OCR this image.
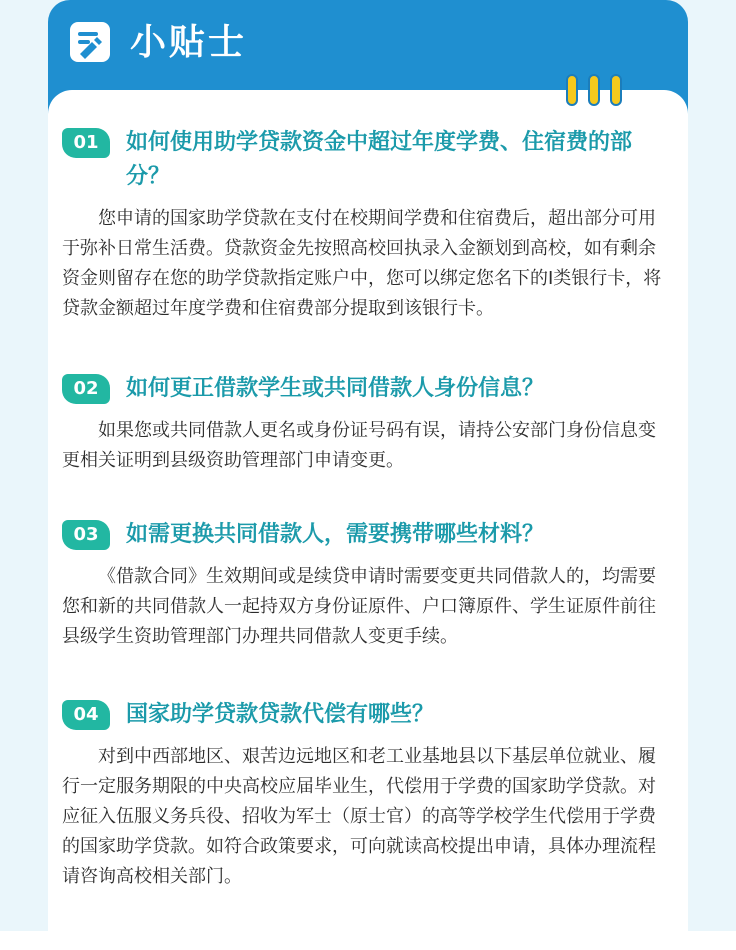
小贴士
01	如何使用助学贷款资金中超过年度学费、住宿费的部分？
您申请的国家助学贷款在支付在校期间学费和住宿费后，超出部分可用于弥补日常生活费。贷款资金先按照高校回执录入金额划到高校，如有剩余资金则留存在您的助学贷款指定账户中，您可以绑定您名下的Ⅰ类银行卡，将贷款金额超过年度学费和住宿费部分提取到该银行卡。
02	如何更正借款学生或共同借款人身份信息？
如果您或共同借款人更名或身份证号码有误，请持公安部门身份信息变更相关证明到县级资助管理部门申请变更。
03	如需更换共同借款人，需要携带哪些材料？
《借款合同》生效期间或是续贷申请时需要变更共同借款人的，均需要您和新的共同借款人一起持双方身份证原件、户口簿原件、学生证原件前往县级学生资助管理部门办理共同借款人变更手续。
04	国家助学贷款贷款代偿有哪些？
对到中西部地区、艰苦边远地区和老工业基地县以下基层单位就业、履行一定服务期限的中央高校应届毕业生，代偿用于学费的国家助学贷款。对应征入伍服义务兵役、招收为军士（原士官）的高等学校学生代偿用于学费的国家助学贷款。如符合政策要求，可向就读高校提出申请，具体办理流程请咨询高校相关部门。
